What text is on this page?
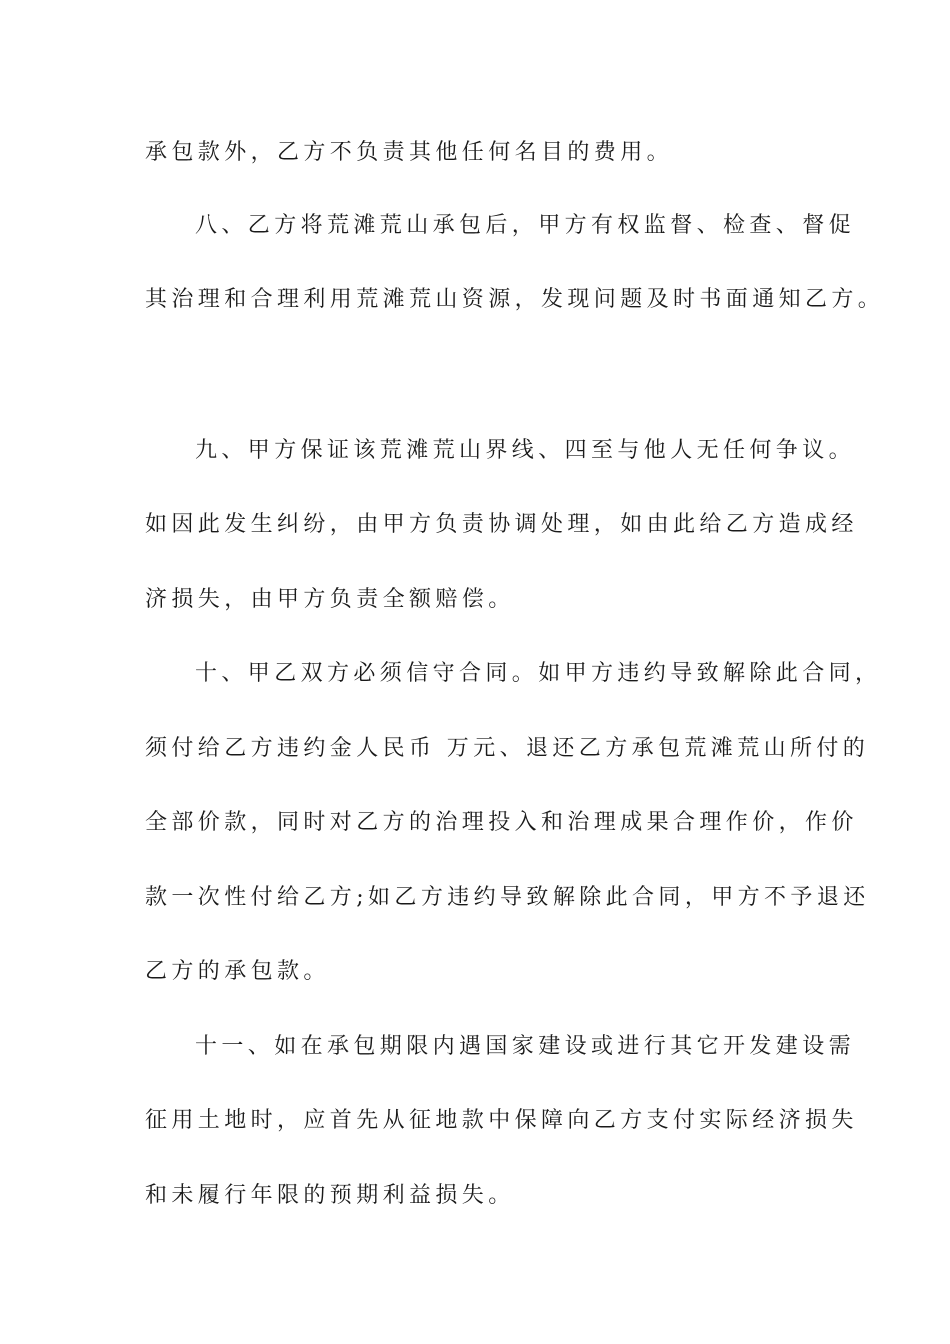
承包款外，乙方不负责其他任何名目的费用。
八、乙方将荒滩荒山承包后，甲方有权监督、检查、督促
其治理和合理利用荒滩荒山资源，发现问题及时书面通知乙方。
九、甲方保证该荒滩荒山界线、四至与他人无任何争议。
如因此发生纠纷，由甲方负责协调处理，如由此给乙方造成经
济损失，由甲方负责全额赔偿。
十、甲乙双方必须信守合同。如甲方违约导致解除此合同，
须付给乙方违约金人民币 万元、退还乙方承包荒滩荒山所付的
全部价款，同时对乙方的治理投入和治理成果合理作价，作价
款一次性付给乙方;如乙方违约导致解除此合同，甲方不予退还
乙方的承包款。
十一、如在承包期限内遇国家建设或进行其它开发建设需
征用土地时，应首先从征地款中保障向乙方支付实际经济损失
和未履行年限的预期利益损失。
